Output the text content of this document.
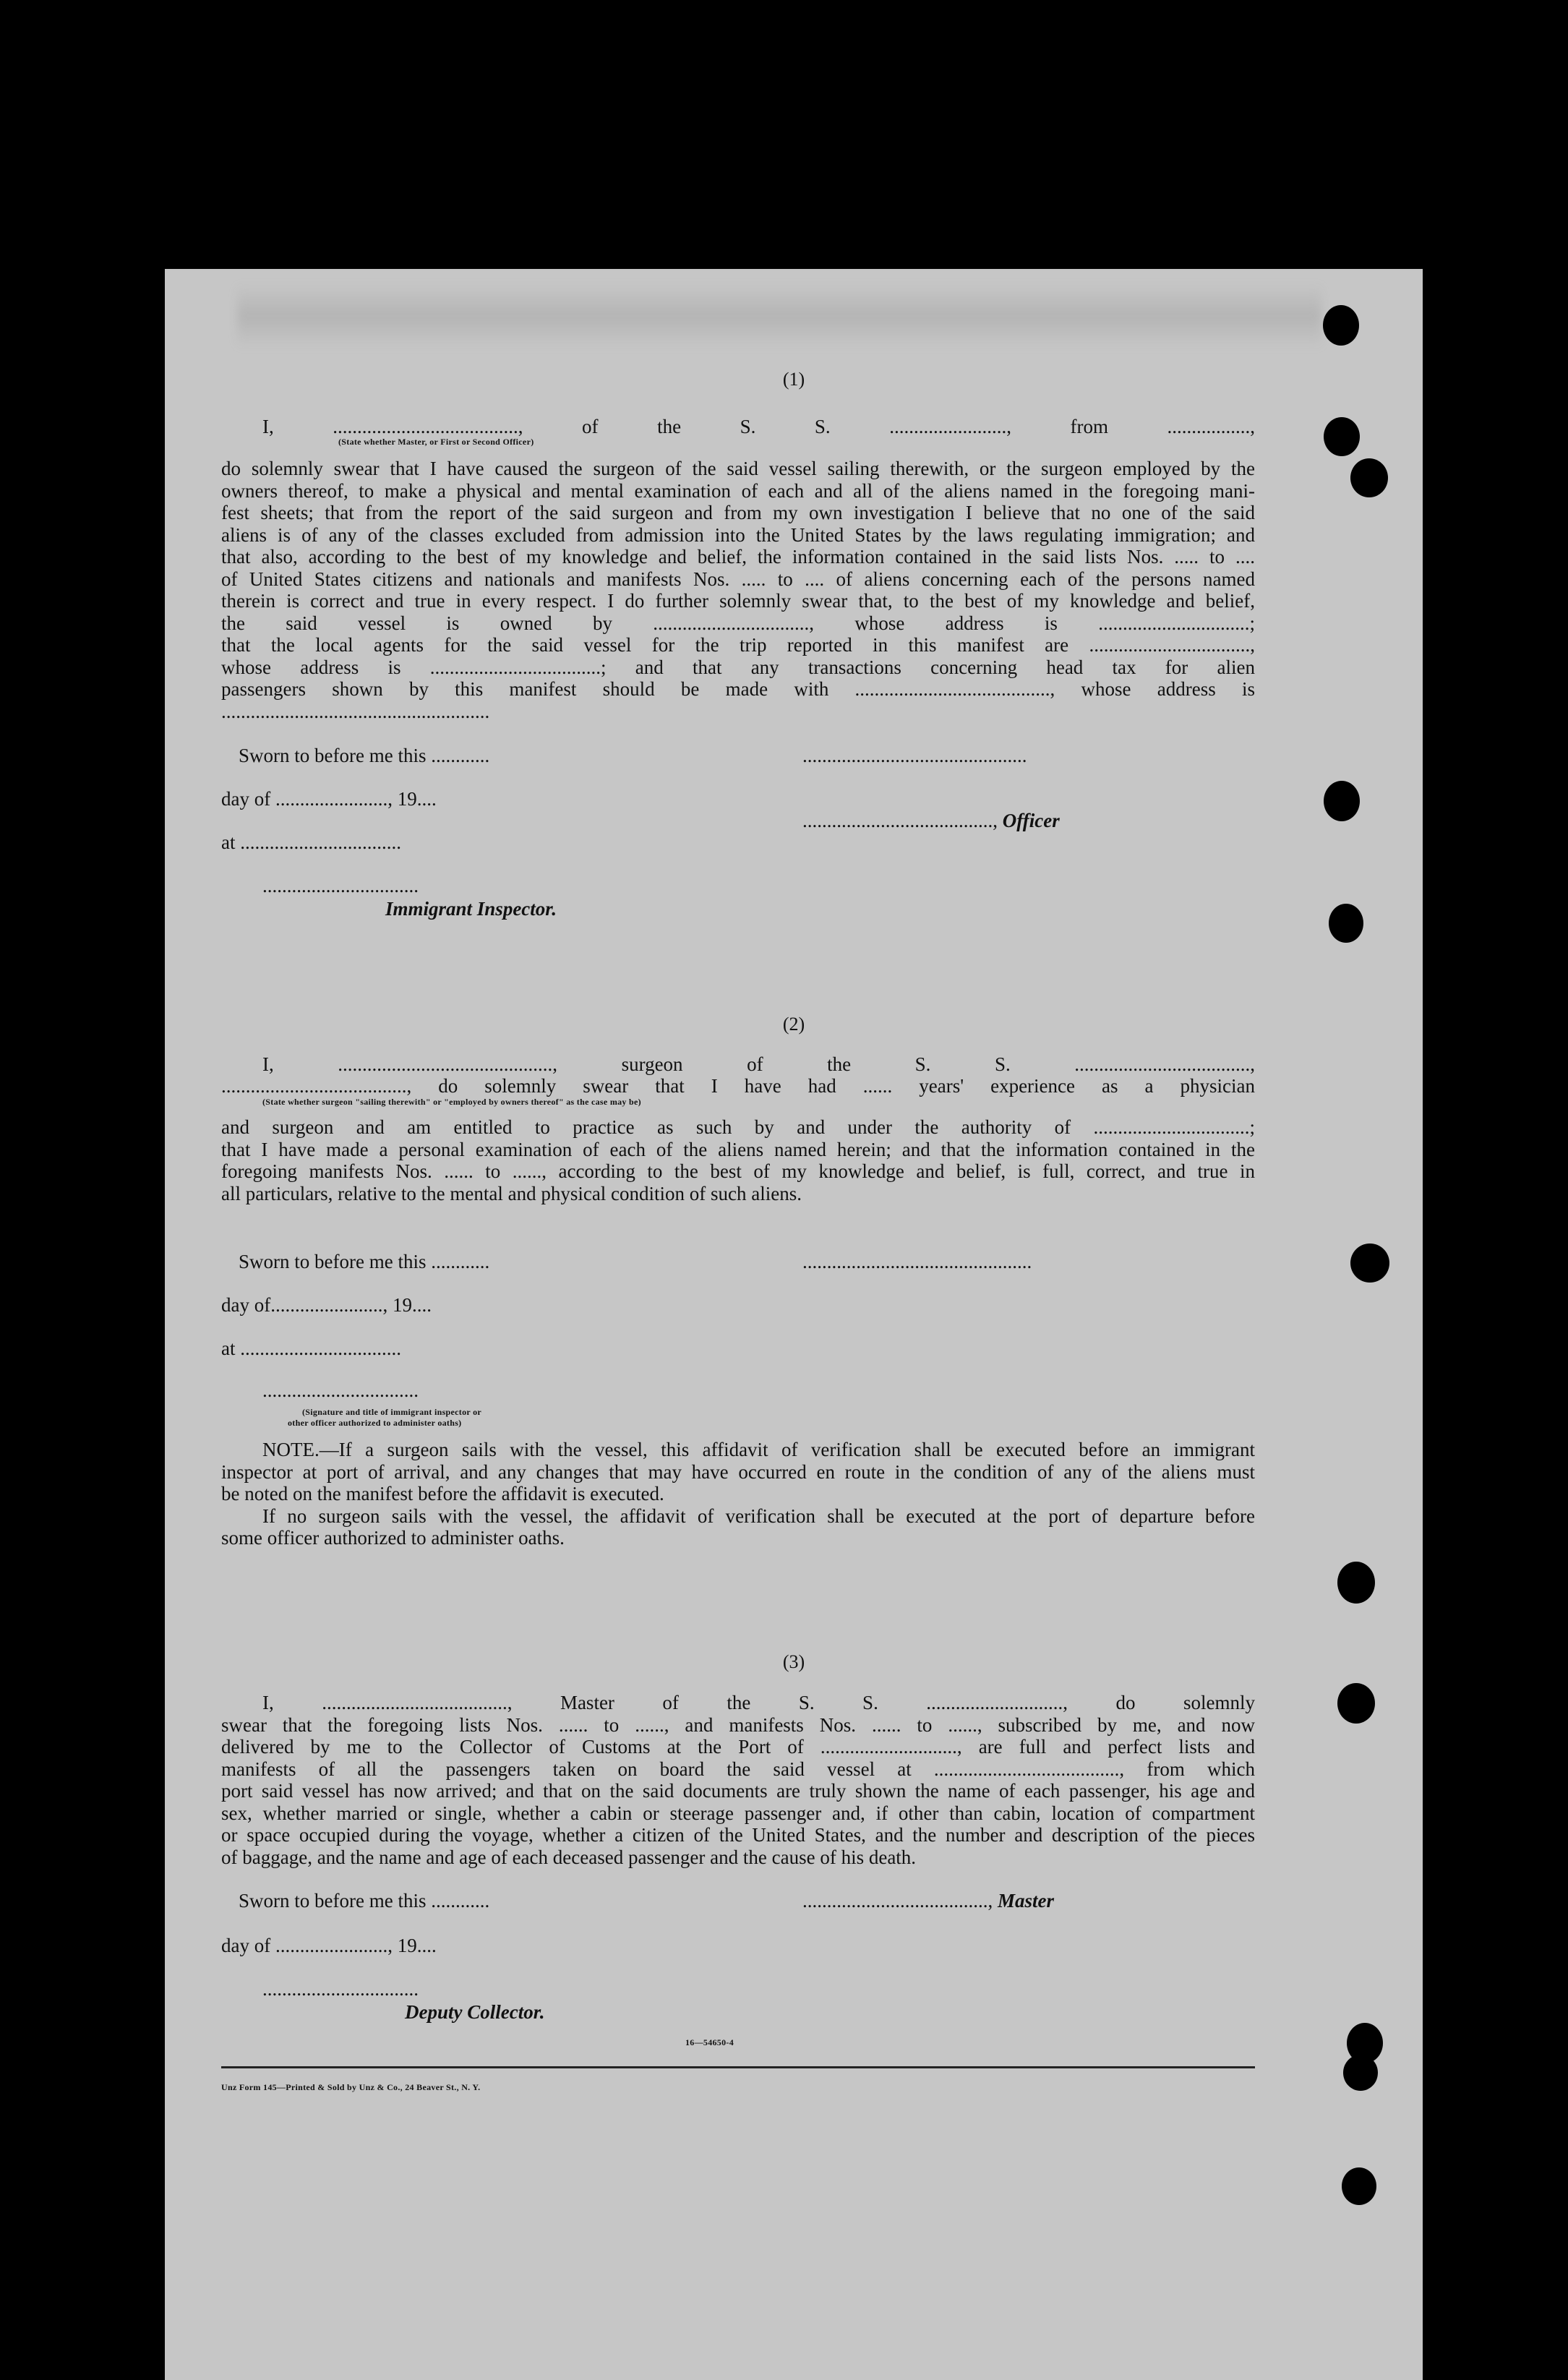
(1)
I, ......................................, of the S. S. ........................, from .................,
(State whether Master, or First or Second Officer)
do solemnly swear that I have caused the surgeon of the said vessel sailing therewith, or the surgeon employed by the
owners thereof, to make a physical and mental examination of each and all of the aliens named in the foregoing mani-
fest sheets; that from the report of the said surgeon and from my own investigation I believe that no one of the said
aliens is of any of the classes excluded from admission into the United States by the laws regulating immigration; and
that also, according to the best of my knowledge and belief, the information contained in the said lists Nos. ..... to ....
of United States citizens and nationals and manifests Nos. ..... to .... of aliens concerning each of the persons named
therein is correct and true in every respect. I do further solemnly swear that, to the best of my knowledge and belief,
the said vessel is owned by ................................, whose address is ...............................;
that the local agents for the said vessel for the trip reported in this manifest are .................................,
whose address is ...................................; and that any transactions concerning head tax for alien
passengers shown by this manifest should be made with ........................................, whose address is
.......................................................
Sworn to before me this ............	..............................................
day of ......................., 19....
......................................., Officer
at .................................
................................
Immigrant Inspector.
(2)
I, ............................................, surgeon of the S. S. ....................................,
......................................, do solemnly swear that I have had ...... years' experience as a physician
(State whether surgeon "sailing therewith" or "employed by owners thereof" as the case may be)
and surgeon and am entitled to practice as such by and under the authority of ................................;
that I have made a personal examination of each of the aliens named herein; and that the information contained in the
foregoing manifests Nos. ...... to ......, according to the best of my knowledge and belief, is full, correct, and true in
all particulars, relative to the mental and physical condition of such aliens.
Sworn to before me this ............	...............................................
day of......................., 19....
at .................................
................................
(Signature and title of immigrant inspector or
other officer authorized to administer oaths)
NOTE.—If a surgeon sails with the vessel, this affidavit of verification shall be executed before an immigrant
inspector at port of arrival, and any changes that may have occurred en route in the condition of any of the aliens must
be noted on the manifest before the affidavit is executed.
If no surgeon sails with the vessel, the affidavit of verification shall be executed at the port of departure before
some officer authorized to administer oaths.
(3)
I, ......................................, Master of the S. S. ............................, do solemnly
swear that the foregoing lists Nos. ...... to ......, and manifests Nos. ...... to ......, subscribed by me, and now
delivered by me to the Collector of Customs at the Port of ............................, are full and perfect lists and
manifests of all the passengers taken on board the said vessel at ......................................, from which
port said vessel has now arrived; and that on the said documents are truly shown the name of each passenger, his age and
sex, whether married or single, whether a cabin or steerage passenger and, if other than cabin, location of compartment
or space occupied during the voyage, whether a citizen of the United States, and the number and description of the pieces
of baggage, and the name and age of each deceased passenger and the cause of his death.
Sworn to before me this ............	......................................, Master
day of ......................., 19....
................................
Deputy Collector.
16—54650-4
Unz Form 145—Printed & Sold by Unz & Co., 24 Beaver St., N. Y.
